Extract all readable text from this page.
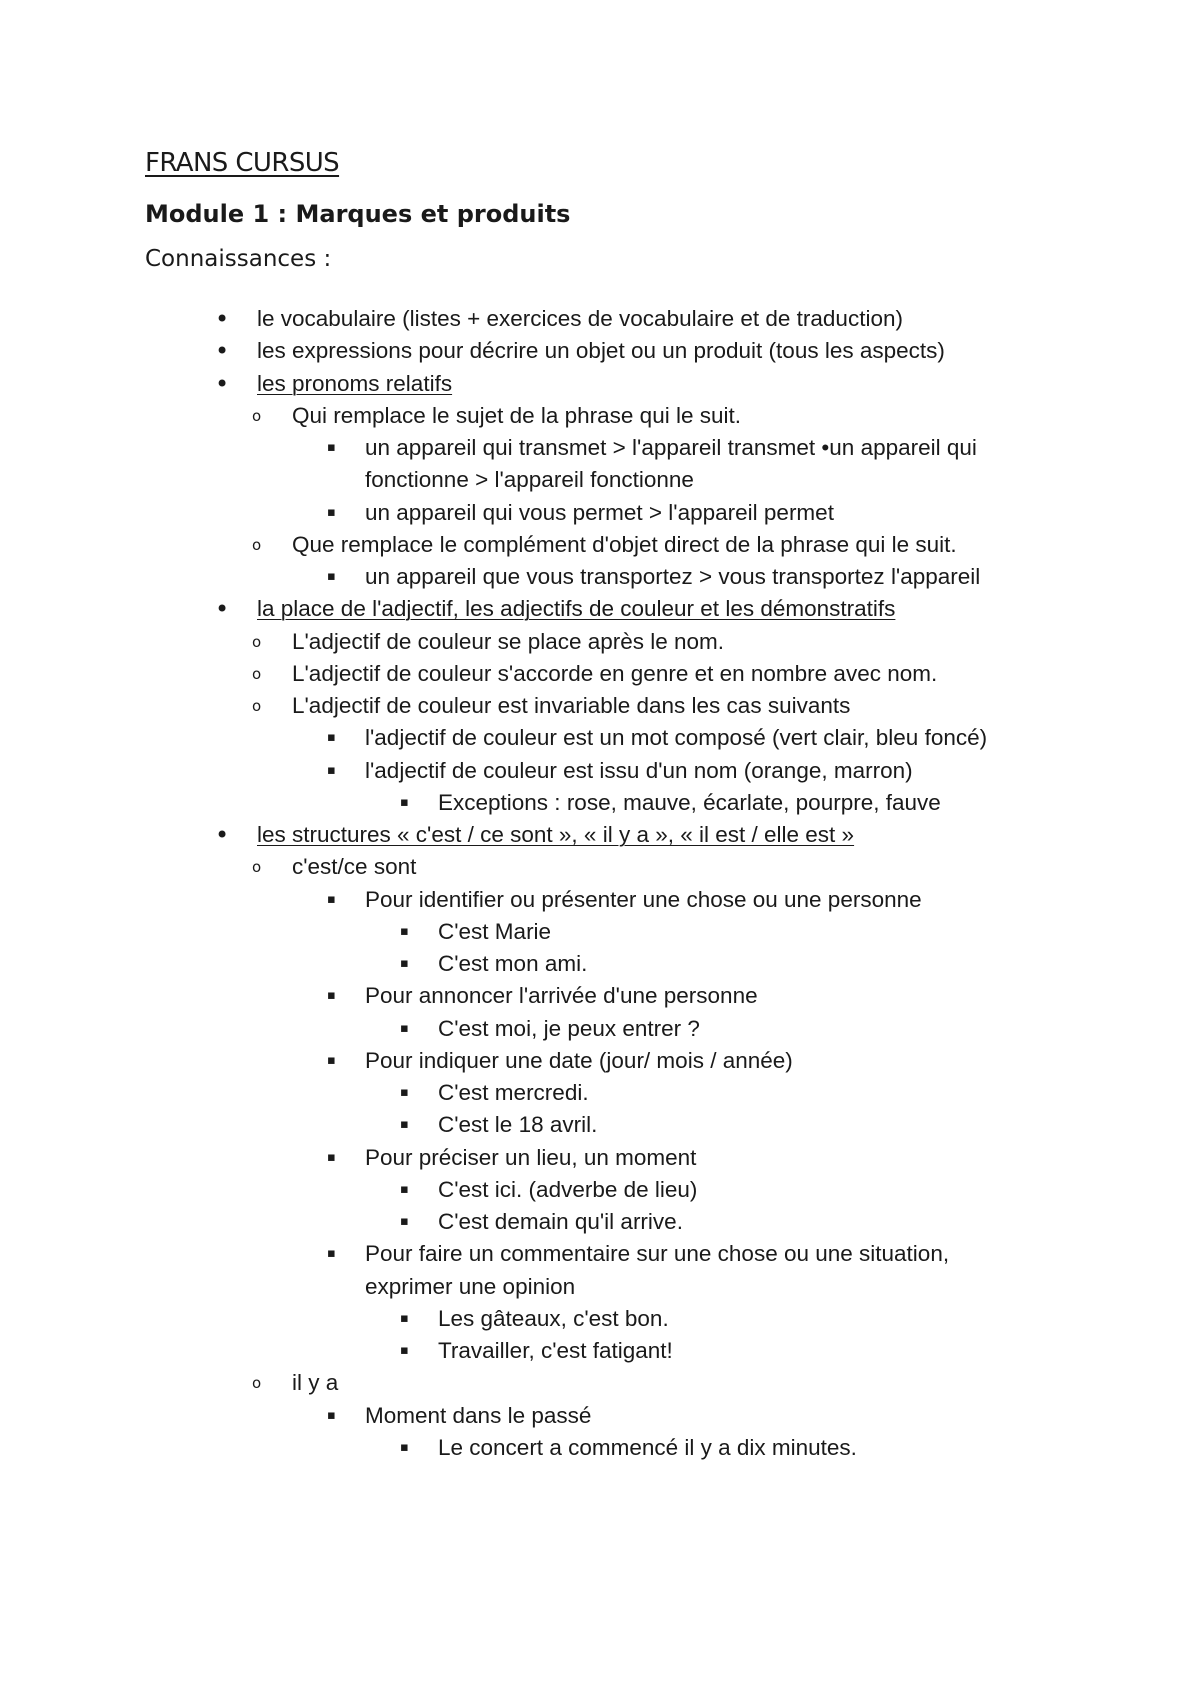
FRANS CURSUS
Module 1 : Marques et produits

Connaissances :

• le vocabulaire (listes + exercices de vocabulaire et de traduction)
• les expressions pour décrire un objet ou un produit (tous les aspects)
• les pronoms relatifs
o Qui remplace le sujet de la phrase qui le suit.
▪ un appareil qui transmet > l'appareil transmet •un appareil qui
fonctionne > l'appareil fonctionne
▪ un appareil qui vous permet > l'appareil permet
o Que remplace le complément d'objet direct de la phrase qui le suit.
▪ un appareil que vous transportez > vous transportez l'appareil
• la place de l'adjectif, les adjectifs de couleur et les démonstratifs
o L'adjectif de couleur se place après le nom.
o L'adjectif de couleur s'accorde en genre et en nombre avec nom.
o L'adjectif de couleur est invariable dans les cas suivants
▪ l'adjectif de couleur est un mot composé (vert clair, bleu foncé)
▪ l'adjectif de couleur est issu d'un nom (orange, marron)
▪ Exceptions : rose, mauve, écarlate, pourpre, fauve
• les structures « c'est / ce sont », « il y a », « il est / elle est »
o c'est/ce sont
▪ Pour identifier ou présenter une chose ou une personne
▪ C'est Marie
▪ C'est mon ami.
▪ Pour annoncer l'arrivée d'une personne
▪ C'est moi, je peux entrer ?
▪ Pour indiquer une date (jour/ mois / année)
▪ C'est mercredi.
▪ C'est le 18 avril.
▪ Pour préciser un lieu, un moment
▪ C'est ici. (adverbe de lieu)
▪ C'est demain qu'il arrive.
▪ Pour faire un commentaire sur une chose ou une situation,
exprimer une opinion
▪ Les gâteaux, c'est bon.
▪ Travailler, c'est fatigant!
o il y a
▪ Moment dans le passé
▪ Le concert a commencé il y a dix minutes.
